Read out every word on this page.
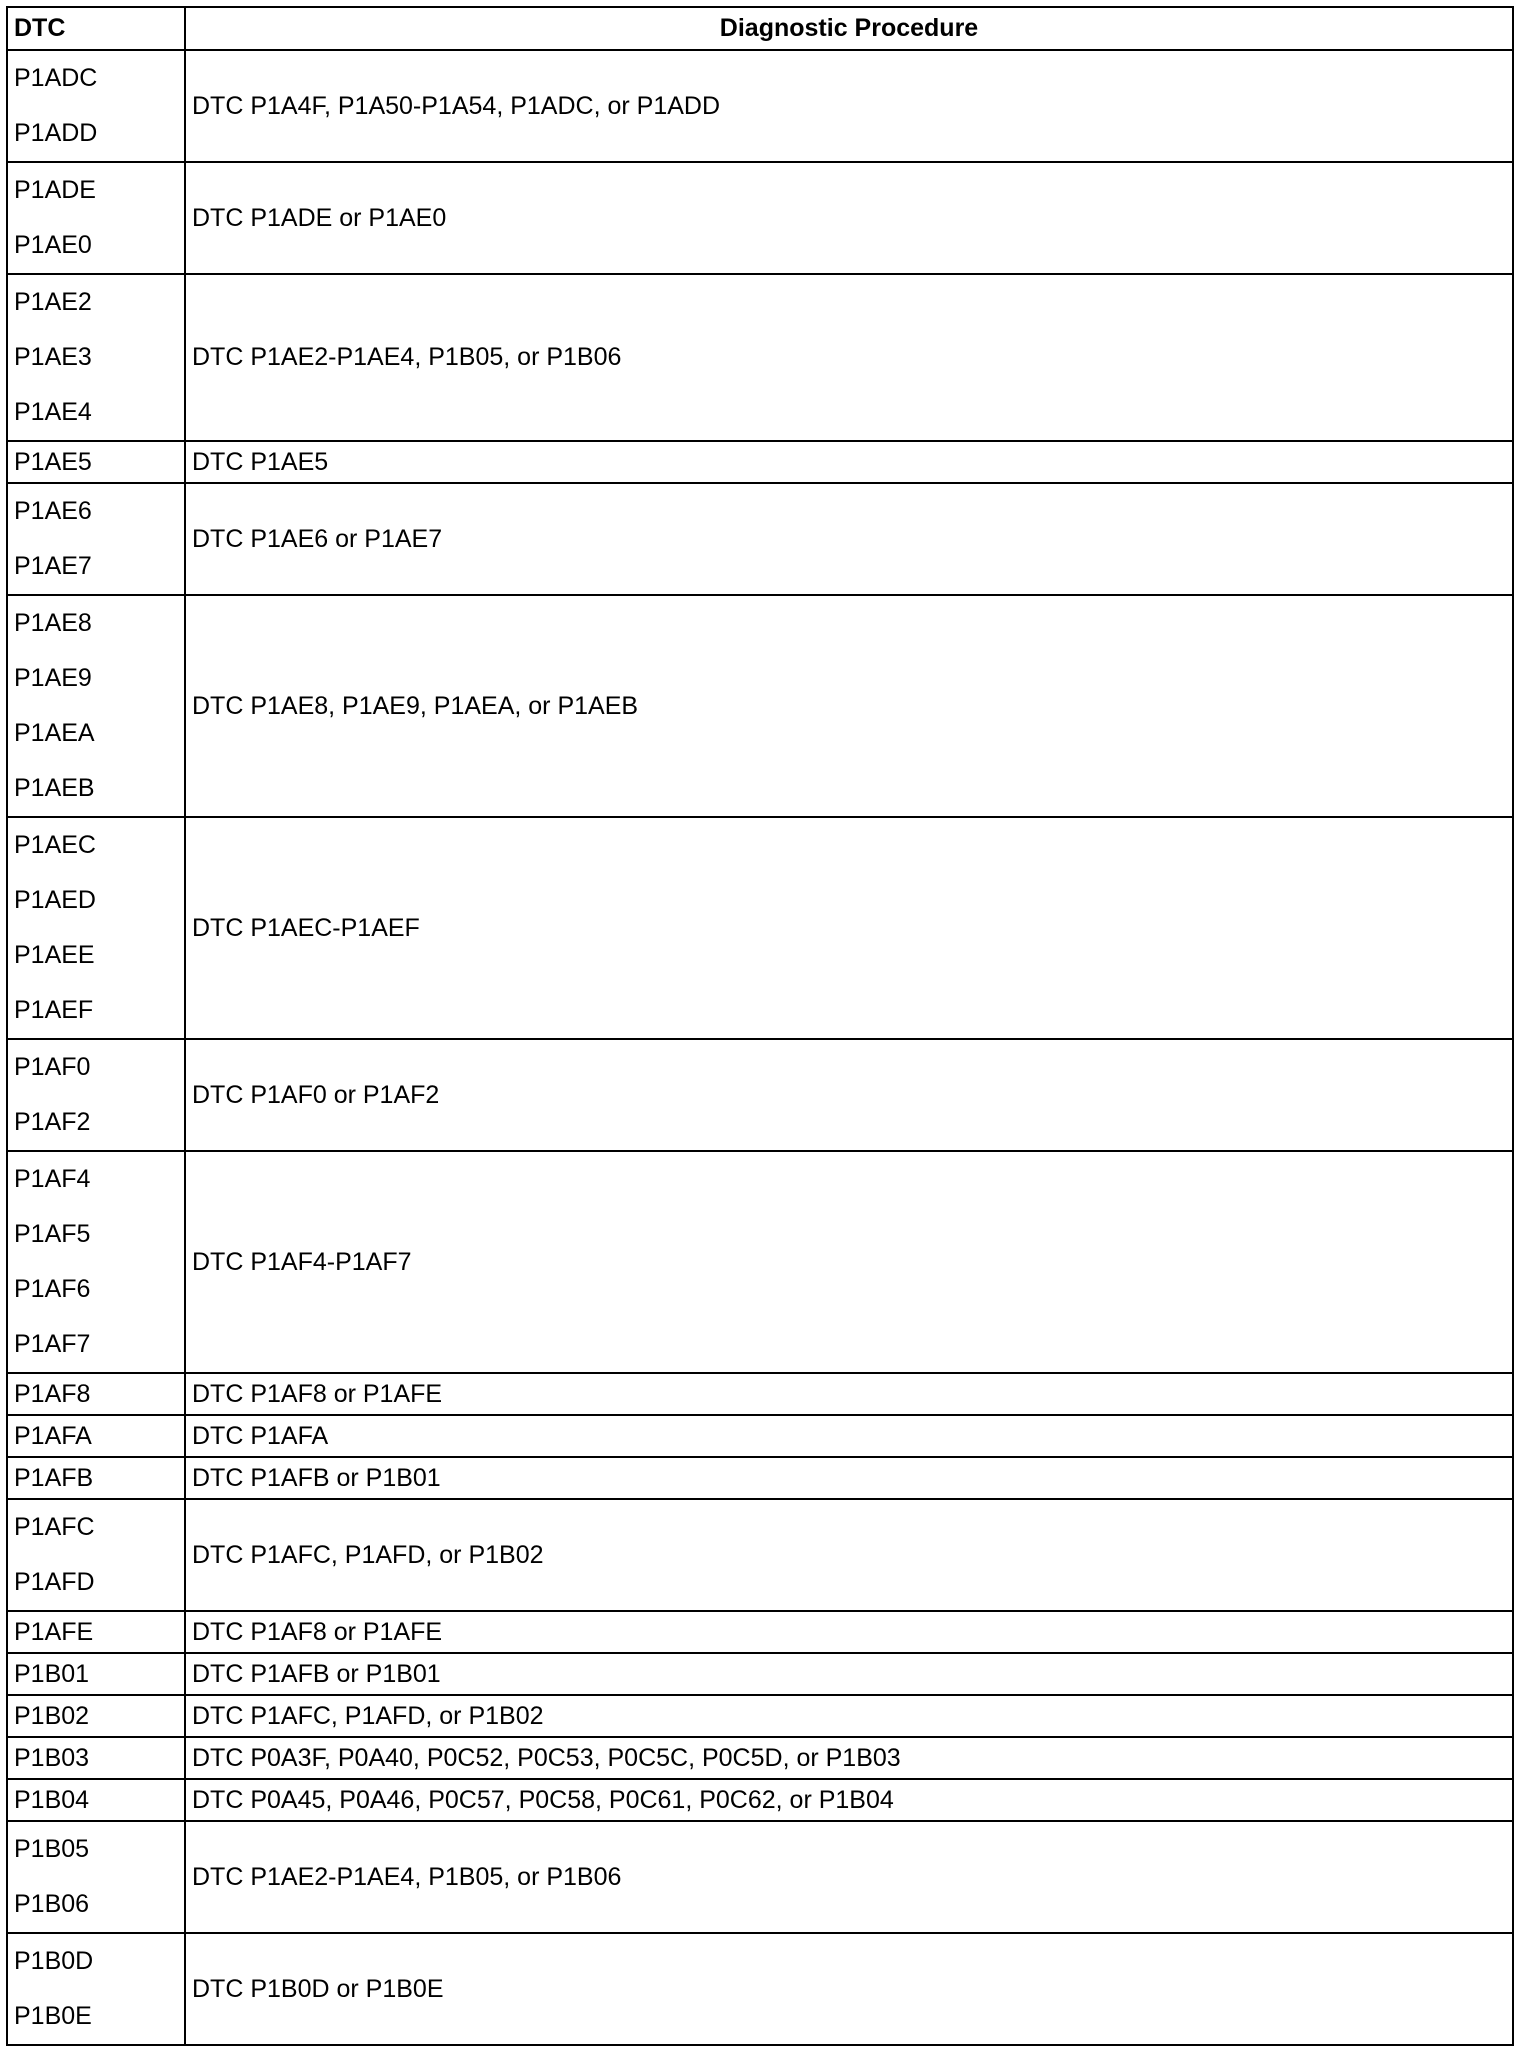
DTC	Diagnostic Procedure

P1ADC
P1ADD	DTC P1A4F, P1A50-P1A54, P1ADC, or P1ADD

P1ADE
P1AE0	DTC P1ADE or P1AE0

P1AE2
P1AE3
P1AE4	DTC P1AE2-P1AE4, P1B05, or P1B06

P1AE5	DTC P1AE5

P1AE6
P1AE7	DTC P1AE6 or P1AE7

P1AE8
P1AE9
P1AEA
P1AEB	DTC P1AE8, P1AE9, P1AEA, or P1AEB

P1AEC
P1AED
P1AEE
P1AEF	DTC P1AEC-P1AEF

P1AF0
P1AF2	DTC P1AF0 or P1AF2

P1AF4
P1AF5
P1AF6
P1AF7	DTC P1AF4-P1AF7

P1AF8	DTC P1AF8 or P1AFE

P1AFA	DTC P1AFA

P1AFB	DTC P1AFB or P1B01

P1AFC
P1AFD	DTC P1AFC, P1AFD, or P1B02

P1AFE	DTC P1AF8 or P1AFE

P1B01	DTC P1AFB or P1B01

P1B02	DTC P1AFC, P1AFD, or P1B02

P1B03	DTC P0A3F, P0A40, P0C52, P0C53, P0C5C, P0C5D, or P1B03

P1B04	DTC P0A45, P0A46, P0C57, P0C58, P0C61, P0C62, or P1B04

P1B05
P1B06	DTC P1AE2-P1AE4, P1B05, or P1B06

P1B0D
P1B0E	DTC P1B0D or P1B0E
